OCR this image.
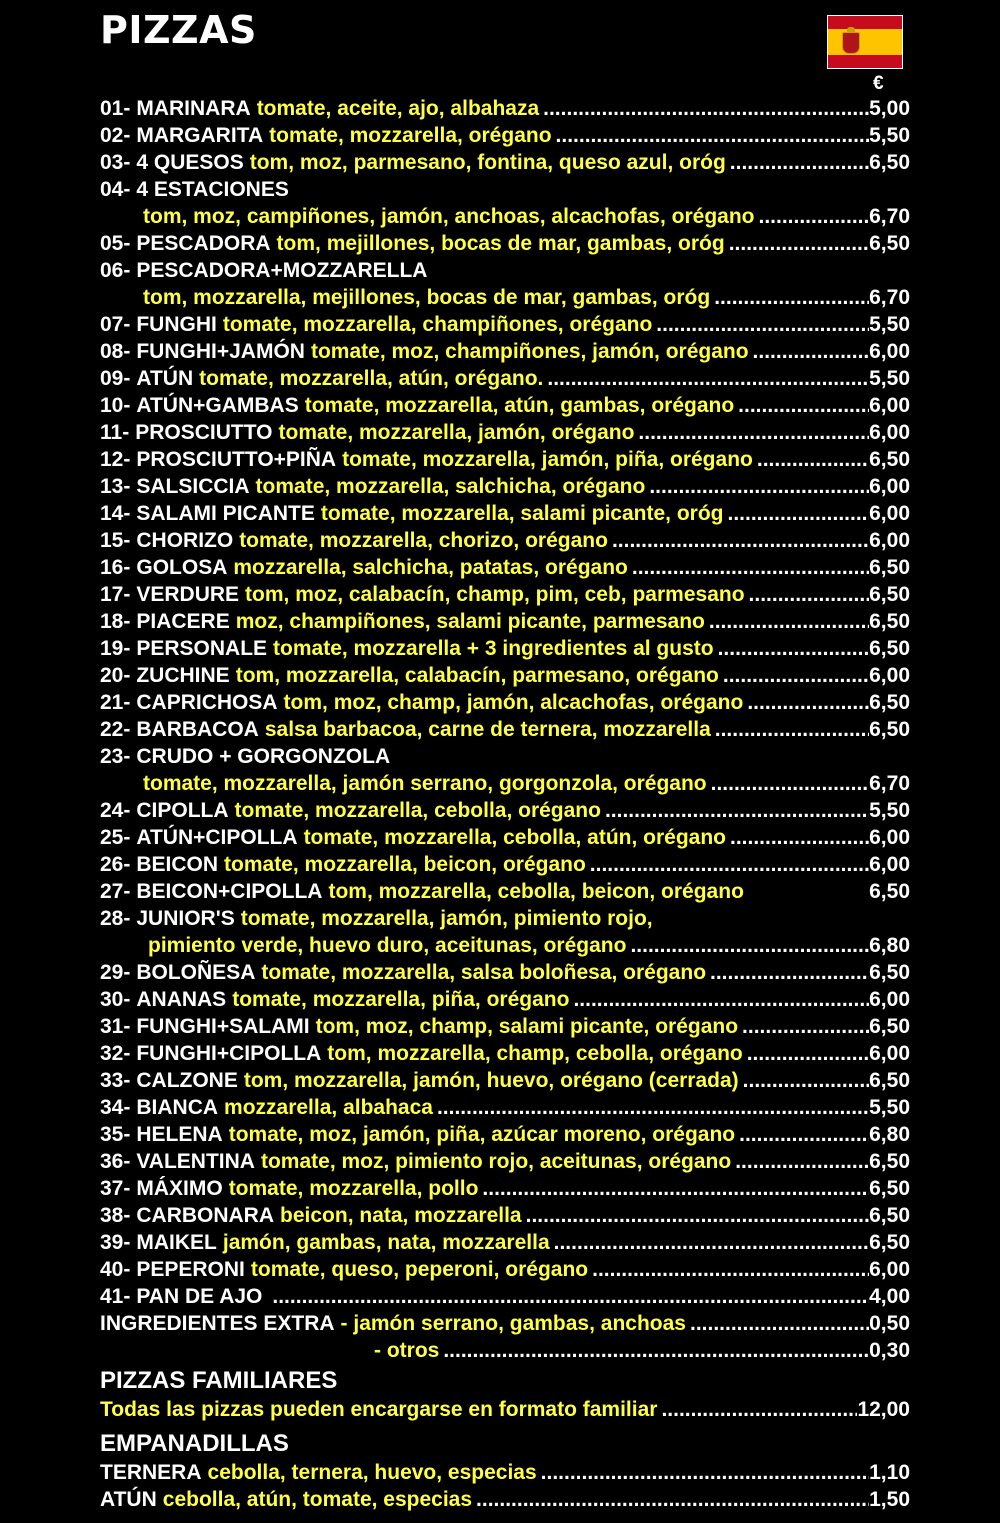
PIZZAS
€
01- MARINARA tomate, aceite, ajo, albahaza .....	5,00
02- MARGARITA tomate, mozzarella, orégano .....	5,50
03- 4 QUESOS tom, moz, parmesano, fontina, queso azul, oróg .....	6,50
04- 4 ESTACIONES
tom, moz, campiñones, jamón, anchoas, alcachofas, orégano .....	6,70
05- PESCADORA tom, mejillones, bocas de mar, gambas, oróg .....	6,50
06- PESCADORA+MOZZARELLA
tom, mozzarella, mejillones, bocas de mar, gambas, oróg .....	6,70
07- FUNGHI tomate, mozzarella, champiñones, orégano .....	5,50
08- FUNGHI+JAMÓN tomate, moz, champiñones, jamón, orégano .....	6,00
09- ATÚN tomate, mozzarella, atún, orégano. .....	5,50
10- ATÚN+GAMBAS tomate, mozzarella, atún, gambas, orégano .....	6,00
11- PROSCIUTTO tomate, mozzarella, jamón, orégano .....	6,00
12- PROSCIUTTO+PIÑA tomate, mozzarella, jamón, piña, orégano .....	6,50
13- SALSICCIA tomate, mozzarella, salchicha, orégano .....	6,00
14- SALAMI PICANTE tomate, mozzarella, salami picante, oróg .....	6,00
15- CHORIZO tomate, mozzarella, chorizo, orégano .....	6,00
16- GOLOSA mozzarella, salchicha, patatas, orégano .....	6,50
17- VERDURE tom, moz, calabacín, champ, pim, ceb, parmesano .....	6,50
18- PIACERE moz, champiñones, salami picante, parmesano .....	6,50
19- PERSONALE tomate, mozzarella + 3 ingredientes al gusto .....	6,50
20- ZUCHINE tom, mozzarella, calabacín, parmesano, orégano .....	6,00
21- CAPRICHOSA tom, moz, champ, jamón, alcachofas, orégano .....	6,50
22- BARBACOA salsa barbacoa, carne de ternera, mozzarella .....	6,50
23- CRUDO + GORGONZOLA
tomate, mozzarella, jamón serrano, gorgonzola, orégano .....	6,70
24- CIPOLLA tomate, mozzarella, cebolla, orégano .....	5,50
25- ATÚN+CIPOLLA tomate, mozzarella, cebolla, atún, orégano .....	6,00
26- BEICON tomate, mozzarella, beicon, orégano .....	6,00
27- BEICON+CIPOLLA tom, mozzarella, cebolla, beicon, orégano	6,50
28- JUNIOR'S tomate, mozzarella, jamón, pimiento rojo,
pimiento verde, huevo duro, aceitunas, orégano .....	6,80
29- BOLOÑESA tomate, mozzarella, salsa boloñesa, orégano .....	6,50
30- ANANAS tomate, mozzarella, piña, orégano .....	6,00
31- FUNGHI+SALAMI tom, moz, champ, salami picante, orégano .....	6,50
32- FUNGHI+CIPOLLA tom, mozzarella, champ, cebolla, orégano .....	6,00
33- CALZONE tom, mozzarella, jamón, huevo, orégano (cerrada) .....	6,50
34- BIANCA mozzarella, albahaca .....	5,50
35- HELENA tomate, moz, jamón, piña, azúcar moreno, orégano .....	6,80
36- VALENTINA tomate, moz, pimiento rojo, aceitunas, orégano .....	6,50
37- MÁXIMO tomate, mozzarella, pollo .....	6,50
38- CARBONARA beicon, nata, mozzarella .....	6,50
39- MAIKEL jamón, gambas, nata, mozzarella .....	6,50
40- PEPERONI tomate, queso, peperoni, orégano .....	6,00
41- PAN DE AJO .....	4,00
INGREDIENTES EXTRA - jamón serrano, gambas, anchoas .....	0,50
- otros .....	0,30
PIZZAS FAMILIARES
Todas las pizzas pueden encargarse en formato familiar .....	12,00
EMPANADILLAS
TERNERA cebolla, ternera, huevo, especias .....	1,10
ATÚN cebolla, atún, tomate, especias .....	1,50
